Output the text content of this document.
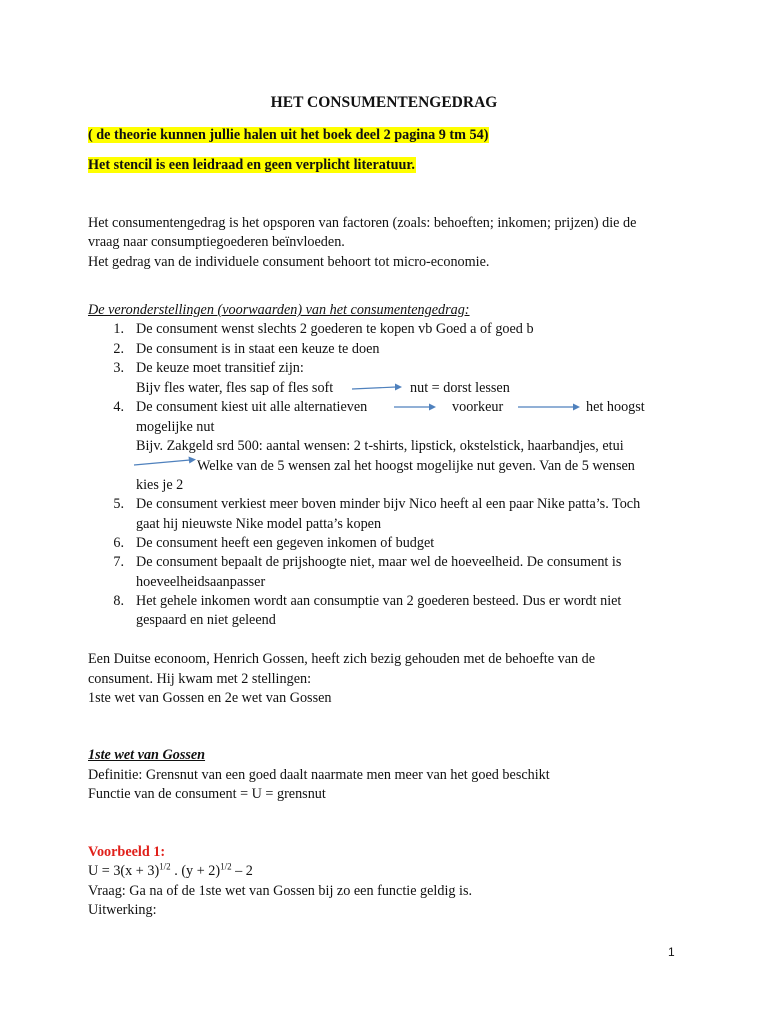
HET CONSUMENTENGEDRAG
( de theorie kunnen jullie halen uit het boek deel 2 pagina 9 tm 54)
Het stencil is een leidraad en geen verplicht literatuur.
Het consumentengedrag is het opsporen van factoren (zoals: behoeften; inkomen; prijzen) die de
vraag naar consumptiegoederen beïnvloeden.
Het gedrag van de individuele consument behoort tot micro-economie.
De veronderstellingen (voorwaarden) van het consumentengedrag:
1. De consument wenst slechts 2 goederen te kopen vb Goed a of goed b
2. De consument is in staat een keuze te doen
3. De keuze moet transitief zijn:
Bijv fles water, fles sap of fles soft	nut = dorst lessen
4. De consument kiest uit alle alternatieven	voorkeur	het hoogst
mogelijke nut
Bijv. Zakgeld srd 500: aantal wensen: 2 t-shirts, lipstick, okstelstick, haarbandjes, etui
Welke van de 5 wensen zal het hoogst mogelijke nut geven. Van de 5 wensen
kies je 2
5. De consument verkiest meer boven minder bijv Nico heeft al een paar Nike patta’s. Toch
gaat hij nieuwste Nike model patta’s kopen
6. De consument heeft een gegeven inkomen of budget
7. De consument bepaalt de prijshoogte niet, maar wel de hoeveelheid. De consument is
hoeveelheidsaanpasser
8. Het gehele inkomen wordt aan consumptie van 2 goederen besteed. Dus er wordt niet
gespaard en niet geleend
Een Duitse econoom, Henrich Gossen, heeft zich bezig gehouden met de behoefte van de
consument. Hij kwam met 2 stellingen:
1ste wet van Gossen en 2e wet van Gossen
1ste wet van Gossen
Definitie: Grensnut van een goed daalt naarmate men meer van het goed beschikt
Functie van de consument = U = grensnut
Voorbeeld 1:
$U = 3(x + 3)^{1/2}$ . $(y + 2)^{1/2} - 2$
Vraag: Ga na of de 1ste wet van Gossen bij zo een functie geldig is.
Uitwerking:
1
